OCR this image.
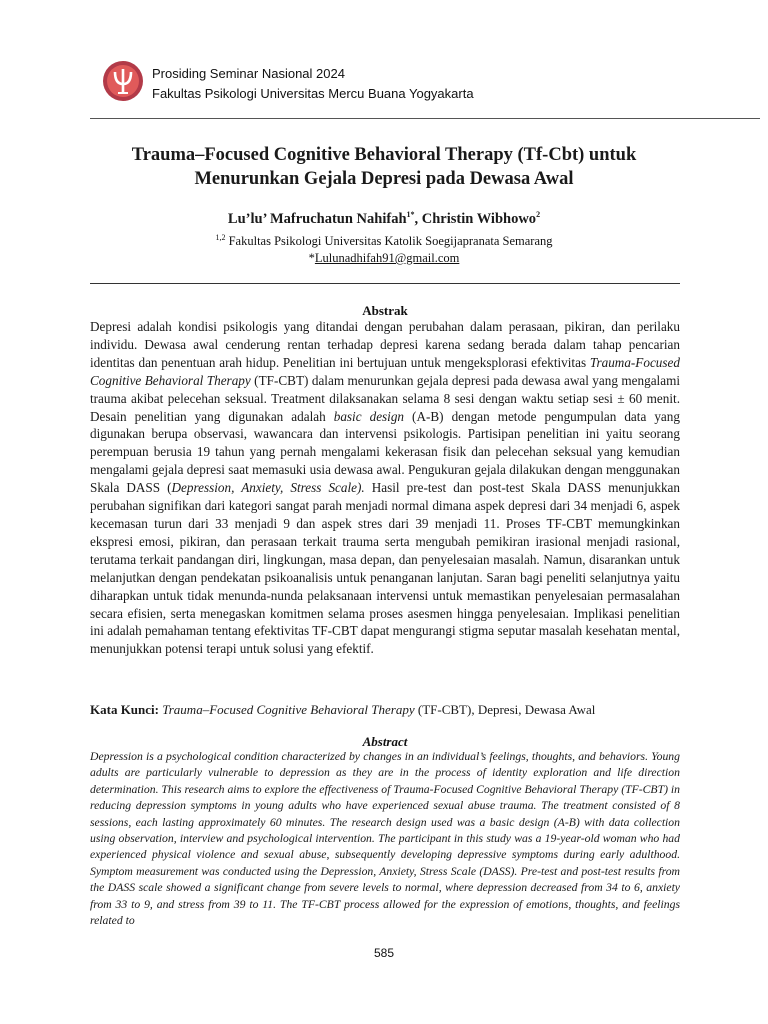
Prosiding Seminar Nasional 2024
Fakultas Psikologi Universitas Mercu Buana Yogyakarta
Trauma–Focused Cognitive Behavioral Therapy (Tf-Cbt) untuk
Menurunkan Gejala Depresi pada Dewasa Awal
Lu’lu’ Mafruchatun Nahifah$^{1*}$, Christin Wibhowo$^2$
$^{1,2}$ Fakultas Psikologi Universitas Katolik Soegijapranata Semarang
*Lulunadhifah91@gmail.com
Abstrak
Depresi adalah kondisi psikologis yang ditandai dengan perubahan dalam perasaan, pikiran, dan perilaku individu. Dewasa awal cenderung rentan terhadap depresi karena sedang berada dalam tahap pencarian identitas dan penentuan arah hidup. Penelitian ini bertujuan untuk mengeksplorasi efektivitas Trauma-Focused Cognitive Behavioral Therapy (TF-CBT) dalam menurunkan gejala depresi pada dewasa awal yang mengalami trauma akibat pelecehan seksual. Treatment dilaksanakan selama 8 sesi dengan waktu setiap sesi ± 60 menit. Desain penelitian yang digunakan adalah basic design (A-B) dengan metode pengumpulan data yang digunakan berupa observasi, wawancara dan intervensi psikologis. Partisipan penelitian ini yaitu seorang perempuan berusia 19 tahun yang pernah mengalami kekerasan fisik dan pelecehan seksual yang kemudian mengalami gejala depresi saat memasuki usia dewasa awal. Pengukuran gejala dilakukan dengan menggunakan Skala DASS (Depression, Anxiety, Stress Scale). Hasil pre-test dan post-test Skala DASS menunjukkan perubahan signifikan dari kategori sangat parah menjadi normal dimana aspek depresi dari 34 menjadi 6, aspek kecemasan turun dari 33 menjadi 9 dan aspek stres dari 39 menjadi 11. Proses TF-CBT memungkinkan ekspresi emosi, pikiran, dan perasaan terkait trauma serta mengubah pemikiran irasional menjadi rasional, terutama terkait pandangan diri, lingkungan, masa depan, dan penyelesaian masalah. Namun, disarankan untuk melanjutkan dengan pendekatan psikoanalisis untuk penanganan lanjutan. Saran bagi peneliti selanjutnya yaitu diharapkan untuk tidak menunda-nunda pelaksanaan intervensi untuk memastikan penyelesaian permasalahan secara efisien, serta menegaskan komitmen selama proses asesmen hingga penyelesaian. Implikasi penelitian ini adalah pemahaman tentang efektivitas TF-CBT dapat mengurangi stigma seputar masalah kesehatan mental, menunjukkan potensi terapi untuk solusi yang efektif.
Kata Kunci: Trauma–Focused Cognitive Behavioral Therapy (TF-CBT), Depresi, Dewasa Awal
Abstract
Depression is a psychological condition characterized by changes in an individual’s feelings, thoughts, and behaviors. Young adults are particularly vulnerable to depression as they are in the process of identity exploration and life direction determination. This research aims to explore the effectiveness of Trauma-Focused Cognitive Behavioral Therapy (TF-CBT) in reducing depression symptoms in young adults who have experienced sexual abuse trauma. The treatment consisted of 8 sessions, each lasting approximately 60 minutes. The research design used was a basic design (A-B) with data collection using observation, interview and psychological intervention. The participant in this study was a 19-year-old woman who had experienced physical violence and sexual abuse, subsequently developing depressive symptoms during early adulthood. Symptom measurement was conducted using the Depression, Anxiety, Stress Scale (DASS). Pre-test and post-test results from the DASS scale showed a significant change from severe levels to normal, where depression decreased from 34 to 6, anxiety from 33 to 9, and stress from 39 to 11. The TF-CBT process allowed for the expression of emotions, thoughts, and feelings related to
585
